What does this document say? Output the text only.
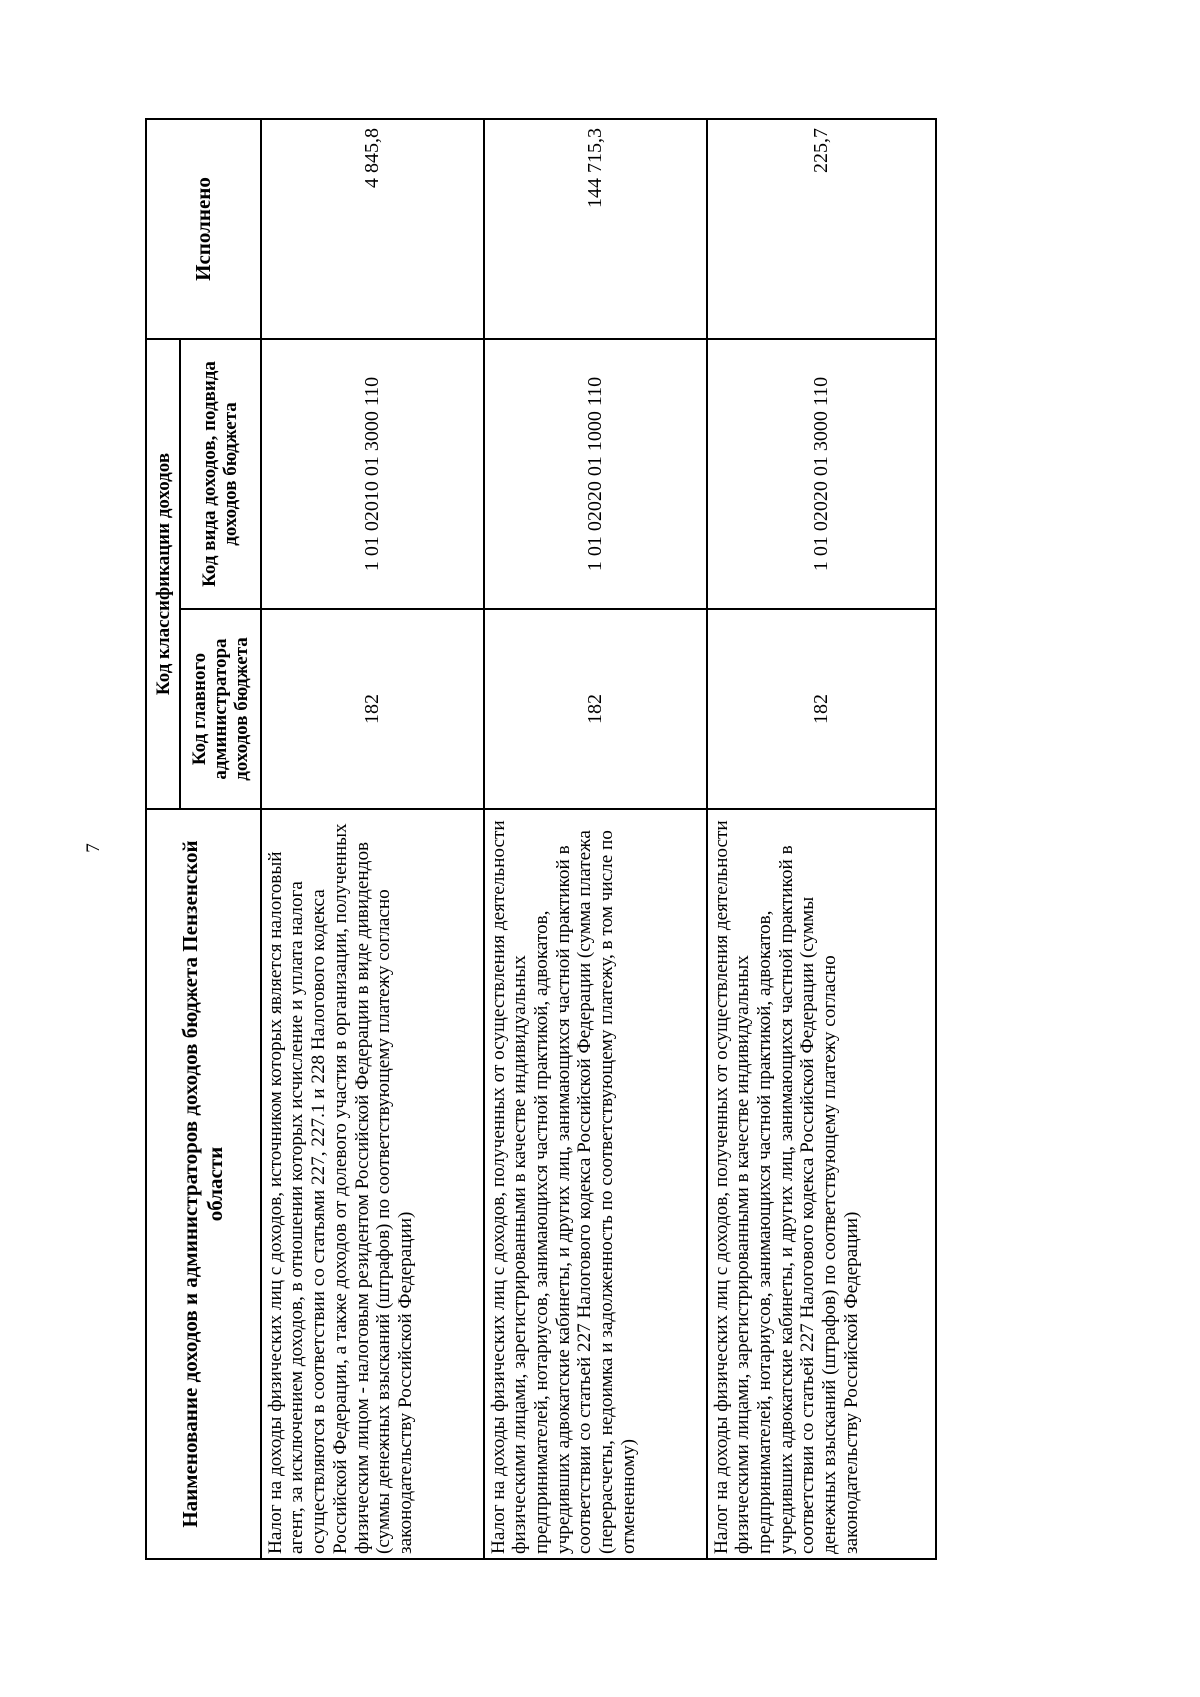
7	Наименование доходов и администраторов доходов бюджета Пензенской области	Код классификации доходов		Исполнено
	Код главного администратора доходов бюджета	Код вида доходов, подвида доходов бюджета	
Налог на доходы физических лиц с доходов, источником которых является налоговый агент, за исключением доходов, в отношении которых исчисление и уплата налога осуществляются в соответствии со статьями 227, 227.1 и 228 Налогового кодекса Российской Федерации, а также доходов от долевого участия в организации, полученных физическим лицом - налоговым резидентом Российской Федерации в виде дивидендов (суммы денежных взысканий (штрафов) по соответствующему платежу согласно законодательству Российской Федерации)	182	1 01 02010 01 3000 110	4 845,8
Налог на доходы физических лиц с доходов, полученных от осуществления деятельности физическими лицами, зарегистрированными в качестве индивидуальных предпринимателей, нотариусов, занимающихся частной практикой, адвокатов, учредивших адвокатские кабинеты, и других лиц, занимающихся частной практикой в соответствии со статьей 227 Налогового кодекса Российской Федерации (сумма платежа (перерасчеты, недоимка и задолженность по соответствующему платежу, в том числе по отмененному)	182	1 01 02020 01 1000 110	144 715,3
Налог на доходы физических лиц с доходов, полученных от осуществления деятельности физическими лицами, зарегистрированными в качестве индивидуальных предпринимателей, нотариусов, занимающихся частной практикой, адвокатов, учредивших адвокатские кабинеты, и других лиц, занимающихся частной практикой в соответствии со статьей 227 Налогового кодекса Российской Федерации (суммы денежных взысканий (штрафов) по соответствующему платежу согласно законодательству Российской Федерации)	182	1 01 02020 01 3000 110	225,7
